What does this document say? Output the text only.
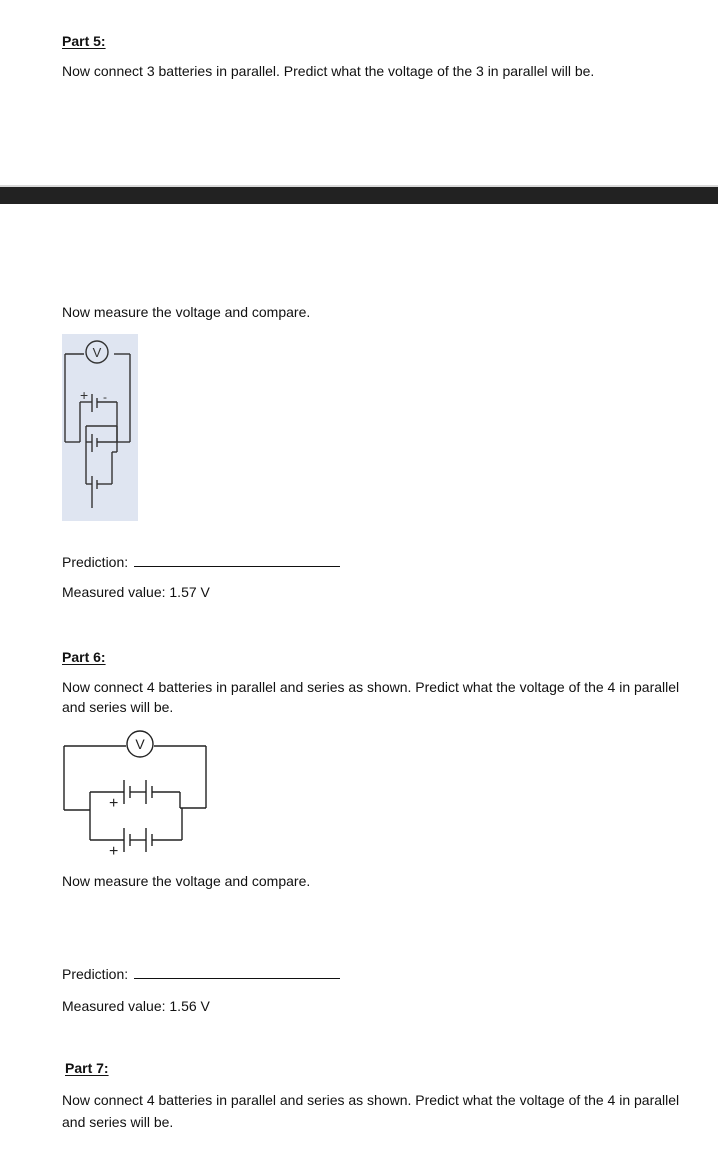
Part 5:
Now connect 3 batteries in parallel. Predict what the voltage of the 3 in parallel will be.
Now measure the voltage and compare.
V
+ -
Prediction:
Measured value: 1.57 V
Part 6:
Now connect 4 batteries in parallel and series as shown. Predict what the voltage of the 4 in parallel and series will be.
V
+
+
Now measure the voltage and compare.
Prediction:
Measured value: 1.56 V
Part 7:
Now connect 4 batteries in parallel and series as shown. Predict what the voltage of the 4 in parallel and series will be.
